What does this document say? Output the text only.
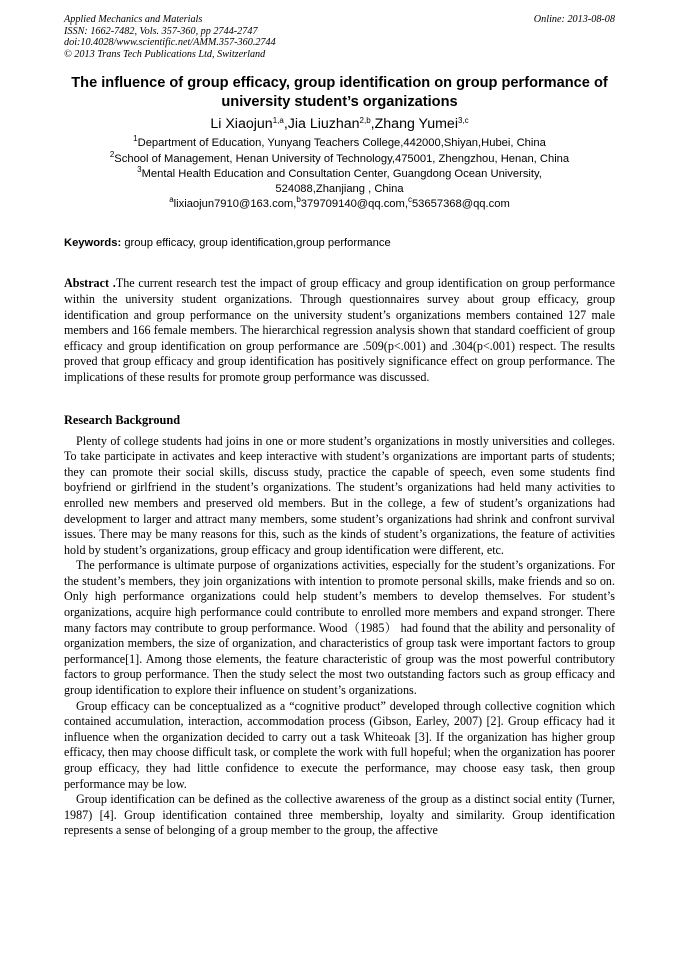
Applied Mechanics and Materials
ISSN: 1662-7482, Vols. 357-360, pp 2744-2747
doi:10.4028/www.scientific.net/AMM.357-360.2744
© 2013 Trans Tech Publications Ltd, Switzerland
Online: 2013-08-08
The influence of group efficacy, group identification on group performance of university student’s organizations
Li Xiaojun$^{1,a}$,Jia Liuzhan$^{2,b}$,Zhang Yumei$^{3,c}$
$^1$Department of Education, Yunyang Teachers College,442000,Shiyan,Hubei, China
$^2$School of Management, Henan University of Technology,475001, Zhengzhou, Henan, China
$^3$Mental Health Education and Consultation Center, Guangdong Ocean University,
524088,Zhanjiang , China
$^a$lixiaojun7910@163.com,$^b$379709140@qq.com,$^c$53657368@qq.com
Keywords: group efficacy, group identification,group performance
Abstract .The current research test the impact of group efficacy and group identification on group performance within the university student organizations. Through questionnaires survey about group efficacy, group identification and group performance on the university student’s organizations members contained 127 male members and 166 female members. The hierarchical regression analysis shown that standard coefficient of group efficacy and group identification on group performance are .509(p<.001) and .304(p<.001) respect. The results proved that group efficacy and group identification has positively significance effect on group performance. The implications of these results for promote group performance was discussed.
Research Background

Plenty of college students had joins in one or more student’s organizations in mostly universities and colleges. To take participate in activates and keep interactive with student’s organizations are important parts of students; they can promote their social skills, discuss study, practice the capable of speech, even some students find boyfriend or girlfriend in the student’s organizations. The student’s organizations had held many activities to enrolled new members and preserved old members. But in the college, a few of student’s organizations had development to larger and attract many members, some student’s organizations had shrink and confront survival issues. There may be many reasons for this, such as the kinds of student’s organizations, the feature of activities hold by student’s organizations, group efficacy and group identification were different, etc.

The performance is ultimate purpose of organizations activities, especially for the student’s organizations. For the student’s members, they join organizations with intention to promote personal skills, make friends and so on. Only high performance organizations could help student’s members to develop themselves. For student’s organizations, acquire high performance could contribute to enrolled more members and expand stronger. There many factors may contribute to group performance. Wood（1985） had found that the ability and personality of organization members, the size of organization, and characteristics of group task were important factors to group performance[1]. Among those elements, the feature characteristic of group was the most powerful contributory factors to group performance. Then the study select the most two outstanding factors such as group efficacy and group identification to explore their influence on student’s organizations.

Group efficacy can be conceptualized as a “cognitive product” developed through collective cognition which contained accumulation, interaction, accommodation process (Gibson, Earley, 2007) [2]. Group efficacy had it influence when the organization decided to carry out a task Whiteoak [3]. If the organization has higher group efficacy, then may choose difficult task, or complete the work with full hopeful; when the organization has poorer group efficacy, they had little confidence to execute the performance, may choose easy task, then group performance may be low.

Group identification can be defined as the collective awareness of the group as a distinct social entity (Turner, 1987) [4]. Group identification contained three membership, loyalty and similarity. Group identification represents a sense of belonging of a group member to the group, the affective
